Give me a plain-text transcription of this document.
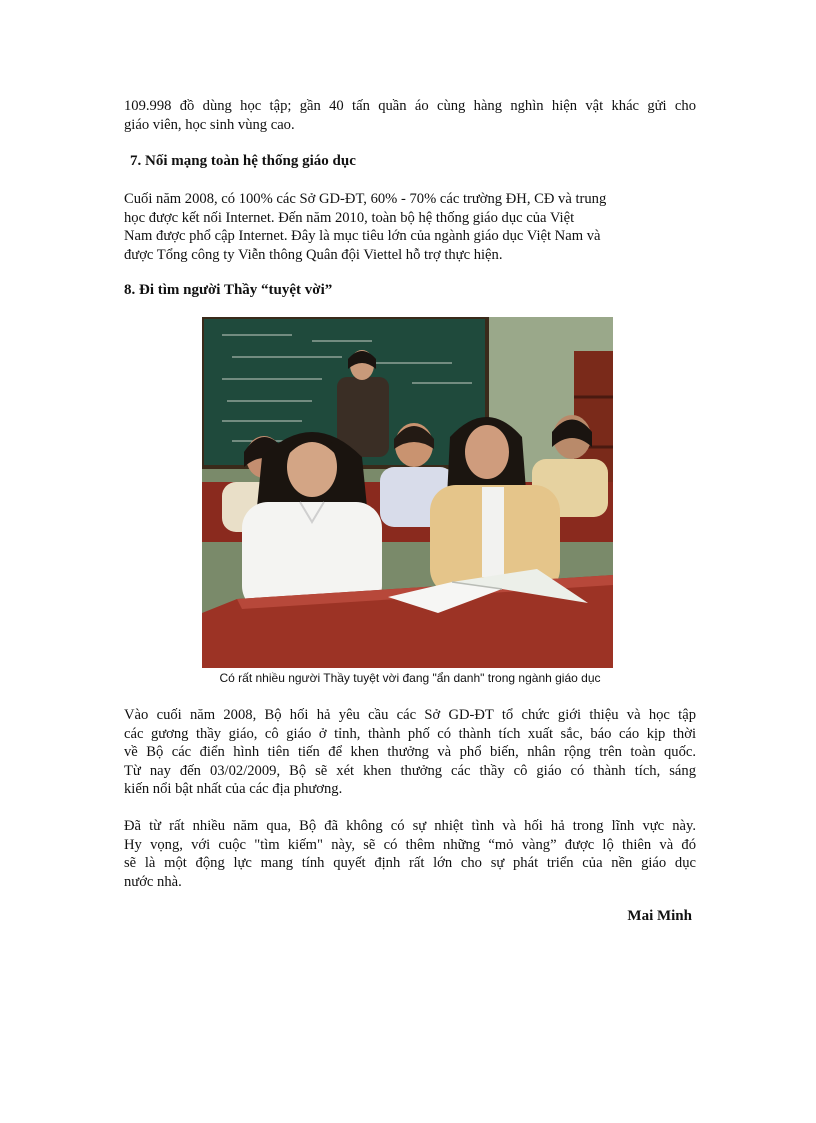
109.998 đồ dùng học tập; gần 40 tấn quần áo cùng hàng nghìn hiện vật khác gửi cho
giáo viên, học sinh vùng cao.
7. Nối mạng toàn hệ thống giáo dục
Cuối năm 2008, có 100% các Sở GD-ĐT, 60% - 70% các trường ĐH, CĐ và trung
học được kết nối Internet. Đến năm 2010, toàn bộ hệ thống giáo dục của Việt
Nam được phổ cập Internet. Đây là mục tiêu lớn của ngành giáo dục Việt Nam và
được Tổng công ty Viễn thông Quân đội Viettel hỗ trợ thực hiện.
8. Đi tìm người Thầy “tuyệt vời”

Có rất nhiều người Thầy tuyệt vời đang "ẩn danh" trong ngành giáo dục

Vào cuối năm 2008, Bộ hối hả yêu cầu các Sở GD-ĐT tổ chức giới thiệu và học tập
các gương thầy giáo, cô giáo ở tỉnh, thành phố có thành tích xuất sắc, báo cáo kịp thời
về Bộ các điển hình tiên tiến để khen thưởng và phổ biến, nhân rộng trên toàn quốc.
Từ nay đến 03/02/2009, Bộ sẽ xét khen thưởng các thầy cô giáo có thành tích, sáng
kiến nổi bật nhất của các địa phương.
Đã từ rất nhiều năm qua, Bộ đã không có sự nhiệt tình và hối hả trong lĩnh vực này.
Hy vọng, với cuộc "tìm kiếm" này, sẽ có thêm những “mỏ vàng” được lộ thiên và đó
sẽ là một động lực mang tính quyết định rất lớn cho sự phát triển của nền giáo dục
nước nhà.

Mai Minh
